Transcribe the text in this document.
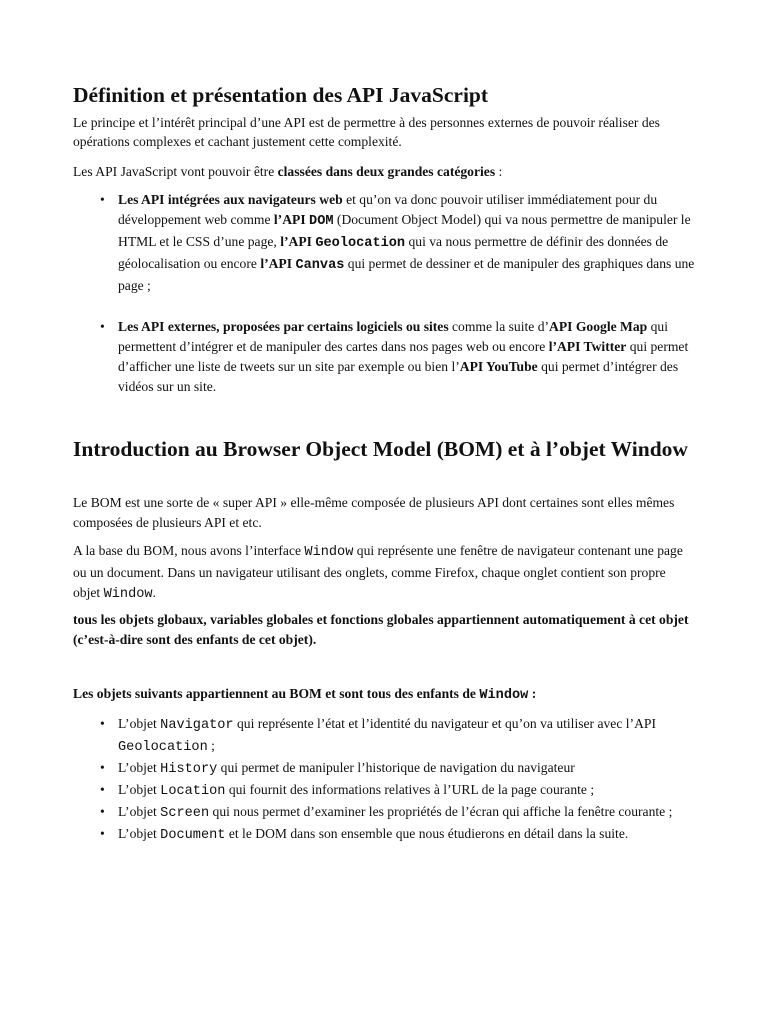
Définition et présentation des API JavaScript

Le principe et l’intérêt principal d’une API est de permettre à des personnes externes de pouvoir réaliser des opérations complexes et cachant justement cette complexité.

Les API JavaScript vont pouvoir être classées dans deux grandes catégories :

• Les API intégrées aux navigateurs web et qu’on va donc pouvoir utiliser immédiatement pour du développement web comme l’API DOM (Document Object Model) qui va nous permettre de manipuler le HTML et le CSS d’une page, l’API Geolocation qui va nous permettre de définir des données de géolocalisation ou encore l’API Canvas qui permet de dessiner et de manipuler des graphiques dans une page ;
• Les API externes, proposées par certains logiciels ou sites comme la suite d’API Google Map qui permettent d’intégrer et de manipuler des cartes dans nos pages web ou encore l’API Twitter qui permet d’afficher une liste de tweets sur un site par exemple ou bien l’API YouTube qui permet d’intégrer des vidéos sur un site.
Introduction au Browser Object Model (BOM) et à l’objet Window

Le BOM est une sorte de « super API » elle-même composée de plusieurs API dont certaines sont elles mêmes composées de plusieurs API et etc.

A la base du BOM, nous avons l’interface Window qui représente une fenêtre de navigateur contenant une page ou un document. Dans un navigateur utilisant des onglets, comme Firefox, chaque onglet contient son propre objet Window.

tous les objets globaux, variables globales et fonctions globales appartiennent automatiquement à cet objet (c’est-à-dire sont des enfants de cet objet).

Les objets suivants appartiennent au BOM et sont tous des enfants de Window :

• L’objet Navigator qui représente l’état et l’identité du navigateur et qu’on va utiliser avec l’API Geolocation ;
• L’objet History qui permet de manipuler l’historique de navigation du navigateur
• L’objet Location qui fournit des informations relatives à l’URL de la page courante ;
• L’objet Screen qui nous permet d’examiner les propriétés de l’écran qui affiche la fenêtre courante ;
• L’objet Document et le DOM dans son ensemble que nous étudierons en détail dans la suite.
